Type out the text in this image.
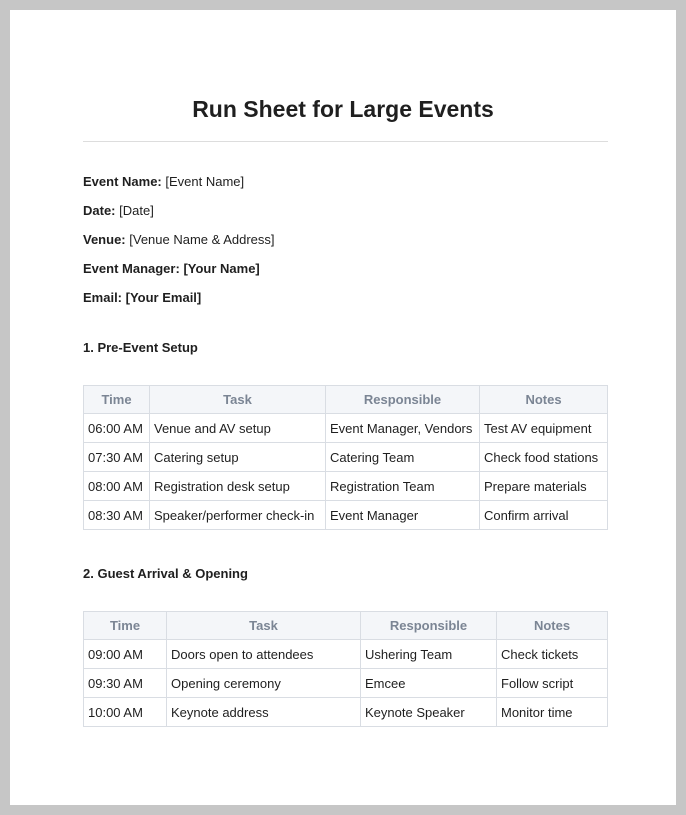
Run Sheet for Large Events
Event Name: [Event Name]
Date: [Date]
Venue: [Venue Name & Address]
Event Manager: [Your Name]
Email: [Your Email]
1. Pre-Event Setup
Time	Task	Responsible	Notes
06:00 AM	Venue and AV setup	Event Manager, Vendors	Test AV equipment
07:30 AM	Catering setup	Catering Team	Check food stations
08:00 AM	Registration desk setup	Registration Team	Prepare materials
08:30 AM	Speaker/performer check-in	Event Manager	Confirm arrival
2. Guest Arrival & Opening
Time	Task	Responsible	Notes
09:00 AM	Doors open to attendees	Ushering Team	Check tickets
09:30 AM	Opening ceremony	Emcee	Follow script
10:00 AM	Keynote address	Keynote Speaker	Monitor time
